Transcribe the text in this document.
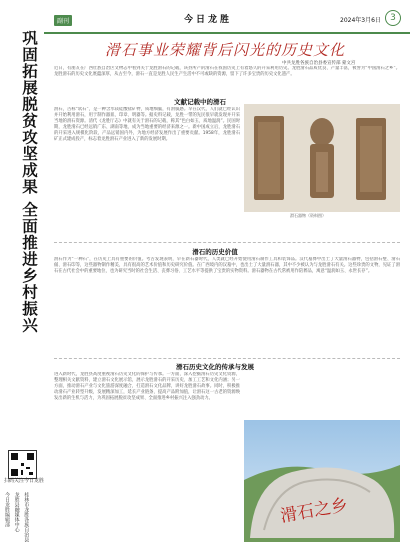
巩固拓展脱贫攻坚成果 全面推进乡村振兴
扫码关注今日龙胜
今日龙胜编辑部 龙胜县融媒体中心 桂林市龙胜各族自治县
副刊	今日龙胜	2024年3月6日	3
滑石事业荣耀背后闪光的历史文化
中共龙胜各族自治县委宣传部 蒙文宫
近日，有朋友在广西壮族自治区文物志中看到关于龙胜滑石的记载，该县所产的滑石在我国历史上有着悠久的开采利用历史。龙胜滑石品质优良、产量丰富，被誉为“中国滑石之乡”。龙胜滑石的历史文化底蕴深厚，从古至今，滑石一直是龙胜人民生产生活中不可或缺的资源，留下了许多宝贵的历史文化遗产。
文献记载中的滑石
滑石，古称“软石”，是一种含水镁硅酸盐矿物，质地细腻，有滑腻感。早在汉代，人们就已经认识并开始利用滑石，用于制作器皿、印章、明器等。据史料记载，龙胜一带的先民很早就发现并开采当地的滑石资源。清代《龙胜厅志》中就有关于滑石的记载，称其“色白如玉，质地温润”。民国时期，龙胜滑石已经远销广东、湖南等地，成为当地重要的经济来源之一。新中国成立后，龙胜滑石的开采进入规模化阶段，产品远销国内外，为地方经济发展作出了重要贡献。1958年，龙胜滑石矿正式建成投产，标志着龙胜滑石产业进入了新的发展时期。
滑石器物（资料图）
滑石的历史价值
滑石作为“一种石”，在历史上具有重要的价值。考古发现表明，早在新石器时代，人类就已经开始使用滑石制作工具和装饰品。汉代墓葬中出土了大量滑石器物，包括滑石璧、滑石俑、滑石印等，这些器物制作精美，具有很高的艺术价值和历史研究价值。在广西境内的汉墓中，也出土了大量滑石器，其中不少被认为与龙胜滑石有关。这些珍贵的文物，见证了滑石在古代社会中的重要地位，也为研究当时的社会生活、丧葬习俗、工艺水平等提供了宝贵的实物资料。滑石器物在古代常被用作陪葬品，寓意“温润如玉、永世长存”。
滑石历史文化的传承与发展
进入新时代，龙胜县高度重视滑石历史文化的保护与传承。一方面，深入挖掘滑石历史文化资源，整理相关文献资料，建立滑石文化展示馆，展示龙胜滑石的开采历史、加工工艺和文化内涵；另一方面，推动滑石产业与文化旅游深度融合，打造滑石文化品牌，讲好龙胜滑石故事。同时，积极推动滑石产业转型升级，发展精深加工，延长产业链条，提高产品附加值，让滑石这一古老的资源焕发出新的生机与活力，为巩固拓展脱贫攻坚成果、全面推进乡村振兴注入强劲动力。
滑石之乡
